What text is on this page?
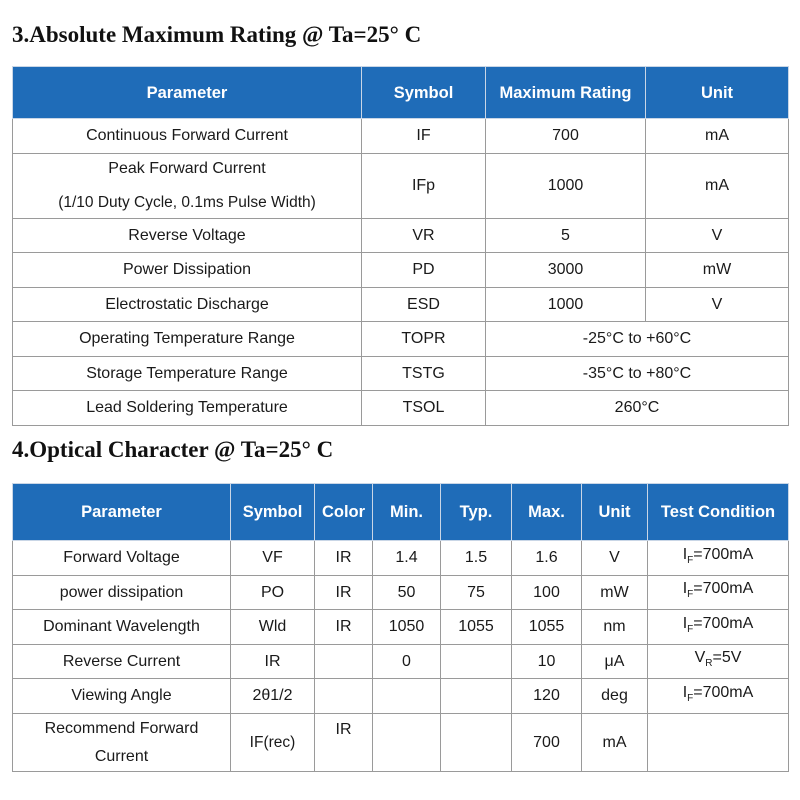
3.Absolute Maximum Rating @ Ta=25° C
Parameter	Symbol	Maximum Rating	Unit
Continuous Forward Current	IF	700	mA

Peak Forward Current
(1/10 Duty Cycle, 0.1ms Pulse Width)	IFp	1000	mA
Reverse Voltage	VR	5	V
Power Dissipation	PD	3000	mW
Electrostatic Discharge	ESD	1000	V
Operating Temperature Range	TOPR	-25°C to +60°C	
Storage Temperature Range	TSTG	-35°C to +80°C	
Lead Soldering Temperature	TSOL	260°C	
4.Optical Character @ Ta=25° C
Parameter	Symbol	Color	Min.	Typ.	Max.	Unit	Test Condition
Forward Voltage	VF	IR	1.4	1.5	1.6	V	$I_F=700mA$
power dissipation	PO	IR	50	75	100	mW	$I_F=700mA$
Dominant Wavelength	Wld	IR	1050	1055	1055	nm	$I_F=700mA$
Reverse Current	IR		0		10	μA	$V_R=5V$
Viewing Angle	2θ1/2				120	deg	$I_F=700mA$

Recommend Forward
Current	IF(rec)	IR			700	mA	
